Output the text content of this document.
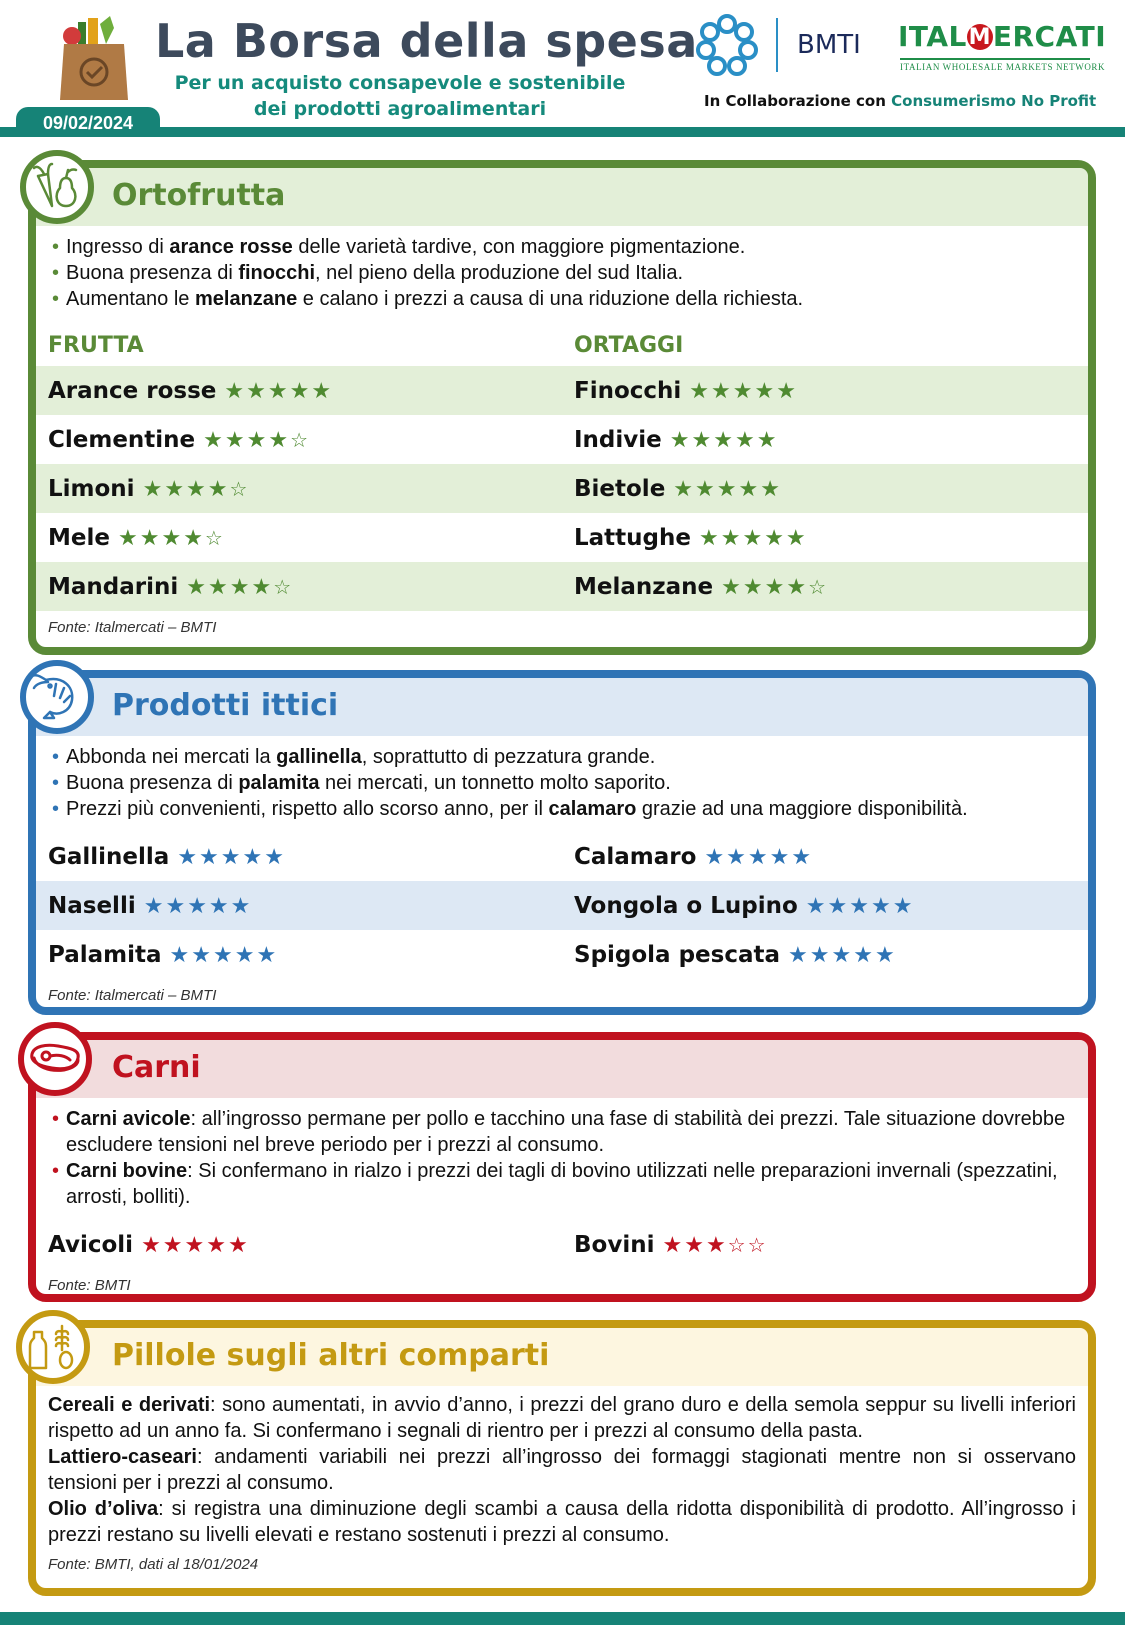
La Borsa della spesa
Per un acquisto consapevole e sostenibile
dei prodotti agroalimentari
BMTI ITALMERCATI
ITALIAN WHOLESALE MARKETS NETWORK
In Collaborazione con Consumerismo No Profit
09/02/2024
Ortofrutta
• Ingresso di arance rosse delle varietà tardive, con maggiore pigmentazione.
• Buona presenza di finocchi, nel pieno della produzione del sud Italia.
• Aumentano le melanzane e calano i prezzi a causa di una riduzione della richiesta.
FRUTTA	ORTAGGI
Arance rosse ★★★★★	Finocchi ★★★★★
Clementine ★★★★ ☆	Indivie ★★★★★
Limoni ★★★★ ☆	Bietole ★★★★★
Mele ★★★★ ☆	Lattughe ★★★★★
Mandarini ★★★★ ☆	Melanzane ★★★★ ☆
Fonte: Italmercati – BMTI
Prodotti ittici
• Abbonda nei mercati la gallinella, soprattutto di pezzatura grande.
• Buona presenza di palamita nei mercati, un tonnetto molto saporito.
• Prezzi più convenienti, rispetto allo scorso anno, per il calamaro grazie ad una maggiore disponibilità.
Gallinella ★★★★★	Calamaro ★★★★★
Naselli ★★★★★	Vongola o Lupino ★★★★★
Palamita ★★★★★	Spigola pescata ★★★★★
Fonte: Italmercati – BMTI
Carni
• Carni avicole: all’ingrosso permane per pollo e tacchino una fase di stabilità dei prezzi. Tale situazione dovrebbe escludere tensioni nel breve periodo per i prezzi al consumo.
• Carni bovine: Si confermano in rialzo i prezzi dei tagli di bovino utilizzati nelle preparazioni invernali (spezzatini, arrosti, bolliti).
Avicoli ★★★★★	Bovini ★★★ ☆ ☆
Fonte: BMTI
Pillole sugli altri comparti
Cereali e derivati: sono aumentati, in avvio d’anno, i prezzi del grano duro e della semola seppur su livelli inferiori rispetto ad un anno fa. Si confermano i segnali di rientro per i prezzi al consumo della pasta.
Lattiero-caseari: andamenti variabili nei prezzi all’ingrosso dei formaggi stagionati mentre non si osservano tensioni per i prezzi al consumo.
Olio d’oliva: si registra una diminuzione degli scambi a causa della ridotta disponibilità di prodotto. All’ingrosso i prezzi restano su livelli elevati e restano sostenuti i prezzi al consumo.
Fonte: BMTI, dati al 18/01/2024
